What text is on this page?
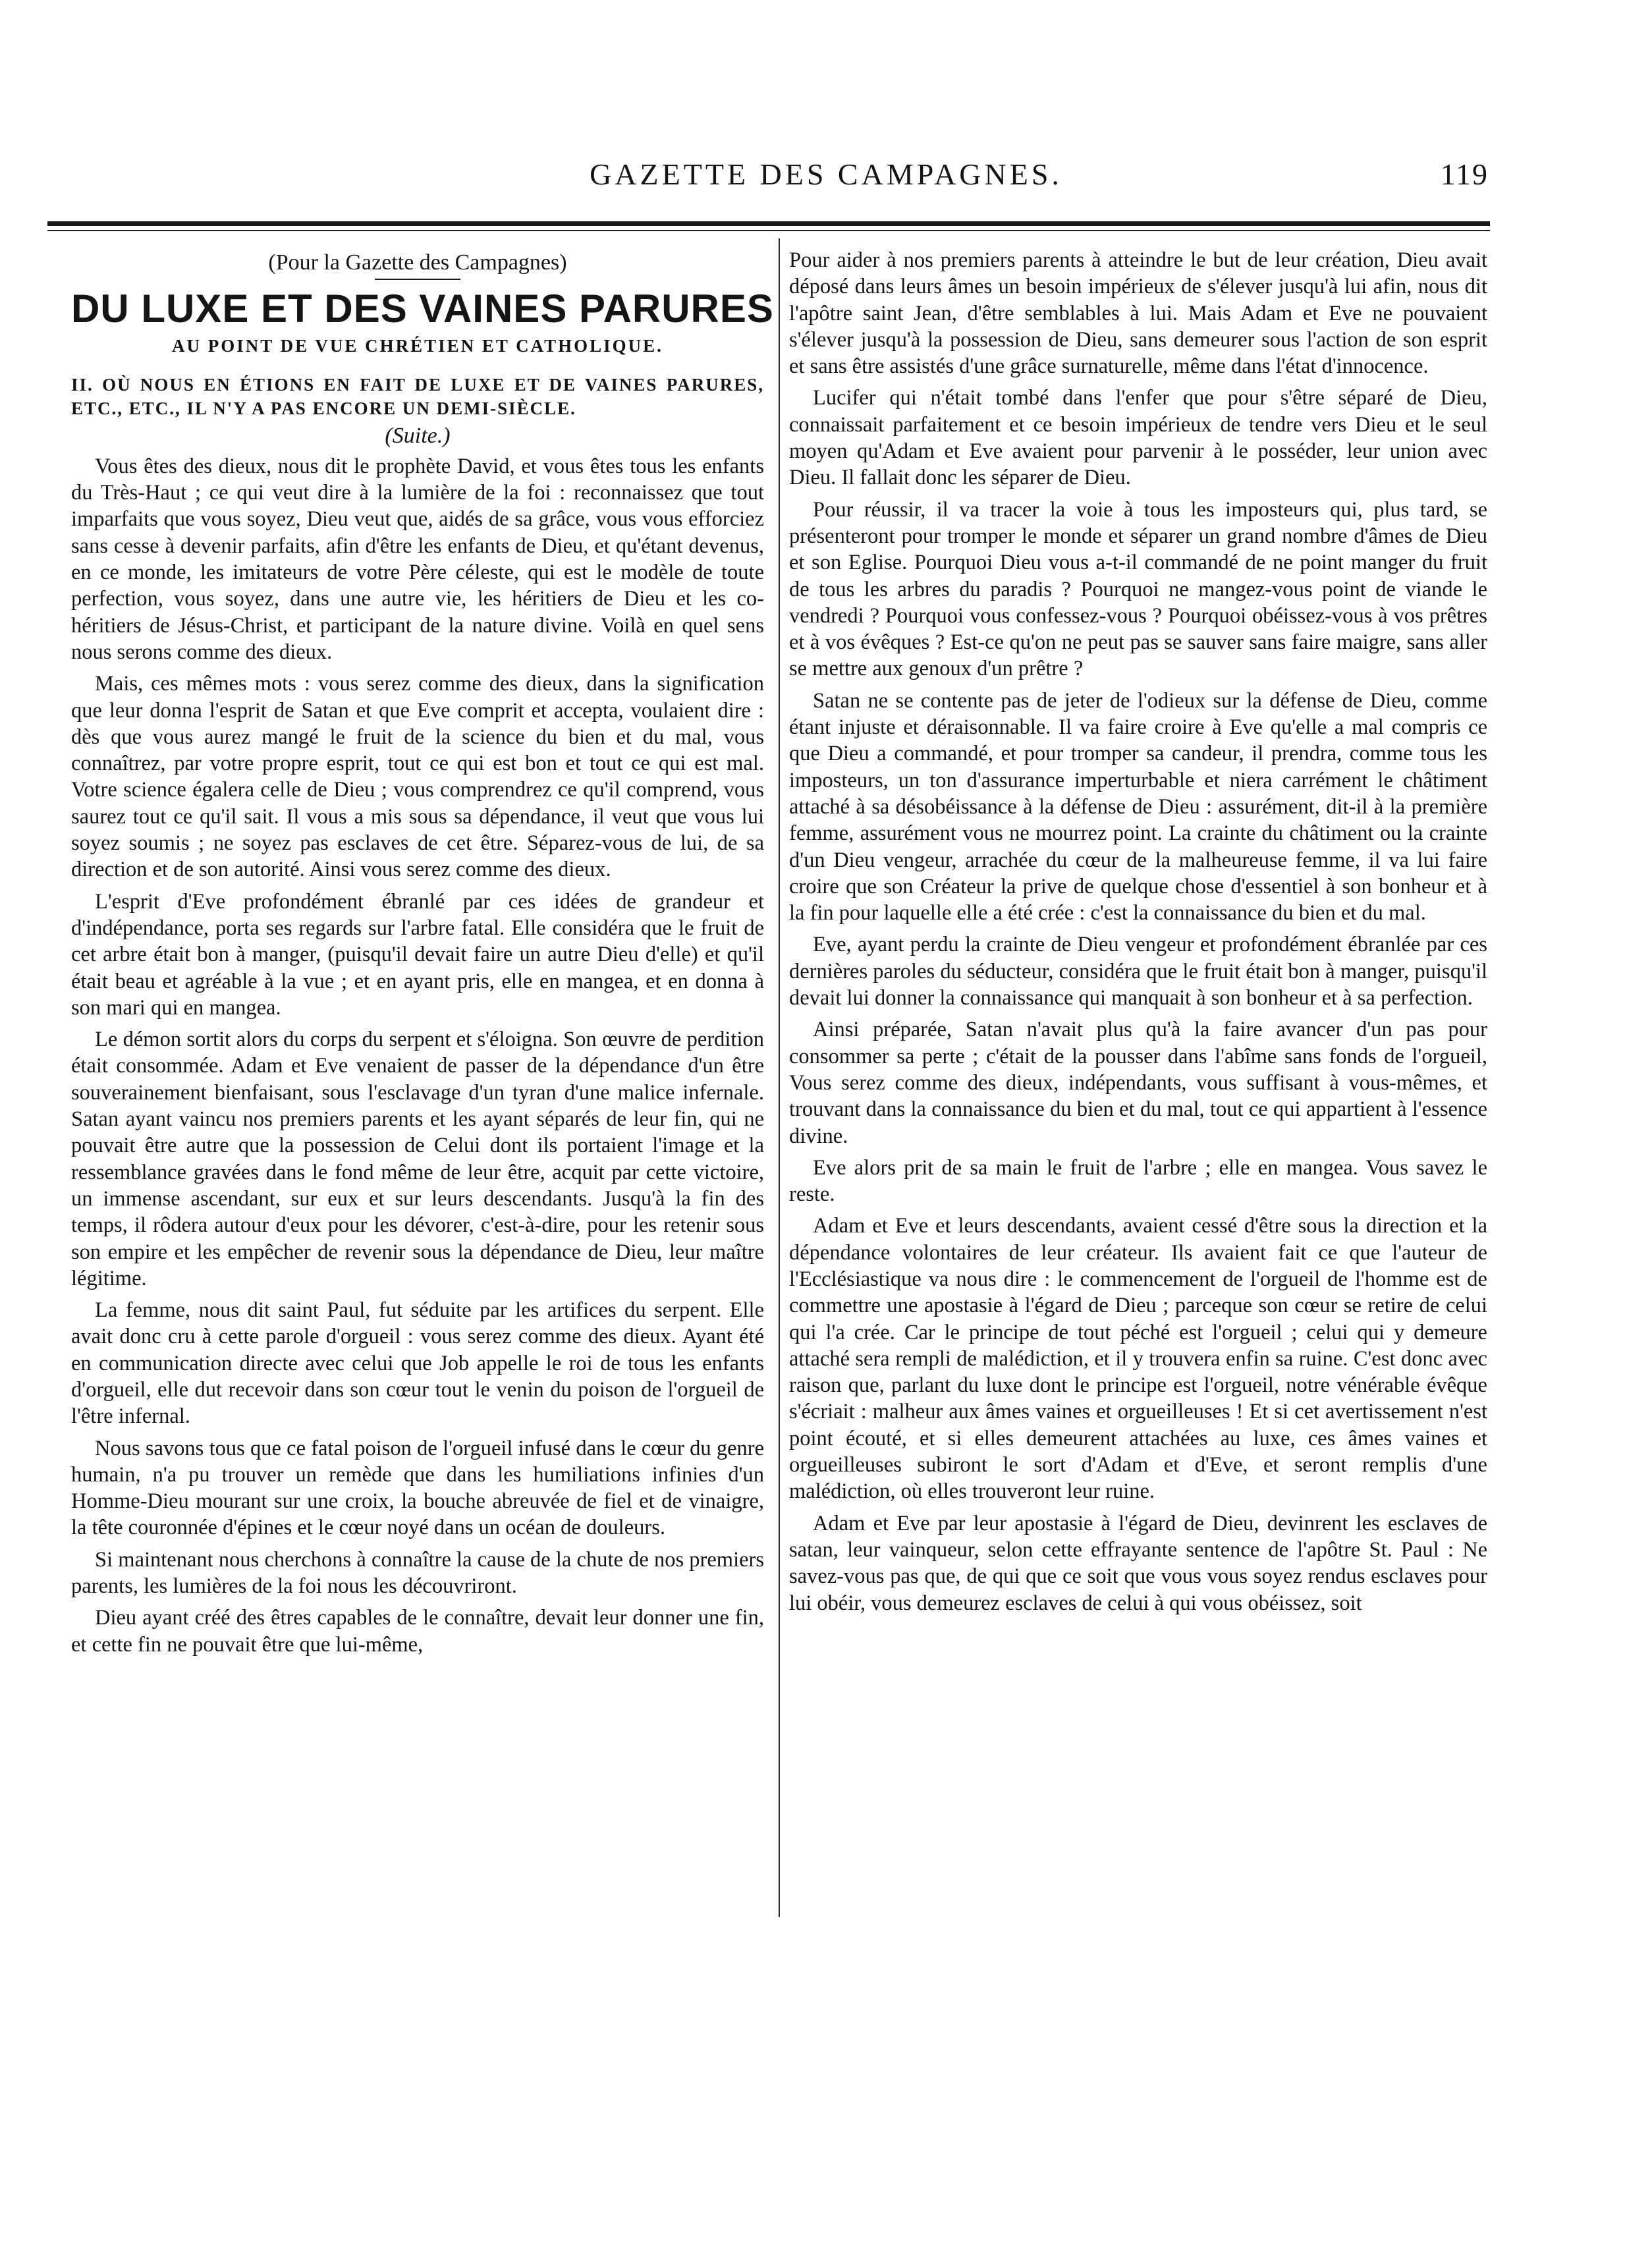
GAZETTE DES CAMPAGNES.	119
(Pour la Gazette des Campagnes)
DU LUXE ET DES VAINES PARURES
AU POINT DE VUE CHRÉTIEN ET CATHOLIQUE.
II. OÙ NOUS EN ÉTIONS EN FAIT DE LUXE ET DE VAINES PARURES, ETC., ETC., IL N'Y A PAS ENCORE UN DEMI-SIÈCLE.
(Suite.)

Vous êtes des dieux, nous dit le prophète David, et vous êtes tous les enfants du Très-Haut ; ce qui veut dire à la lumière de la foi : reconnaissez que tout imparfaits que vous soyez, Dieu veut que, aidés de sa grâce, vous vous efforciez sans cesse à devenir parfaits, afin d'être les enfants de Dieu, et qu'étant devenus, en ce monde, les imitateurs de votre Père céleste, qui est le modèle de toute perfection, vous soyez, dans une autre vie, les héritiers de Dieu et les co-héritiers de Jésus-Christ, et participant de la nature divine. Voilà en quel sens nous serons comme des dieux.

Mais, ces mêmes mots : vous serez comme des dieux, dans la signification que leur donna l'esprit de Satan et que Eve comprit et accepta, voulaient dire : dès que vous aurez mangé le fruit de la science du bien et du mal, vous connaîtrez, par votre propre esprit, tout ce qui est bon et tout ce qui est mal. Votre science égalera celle de Dieu ; vous comprendrez ce qu'il comprend, vous saurez tout ce qu'il sait. Il vous a mis sous sa dépendance, il veut que vous lui soyez soumis ; ne soyez pas esclaves de cet être. Séparez-vous de lui, de sa direction et de son autorité. Ainsi vous serez comme des dieux.

L'esprit d'Eve profondément ébranlé par ces idées de grandeur et d'indépendance, porta ses regards sur l'arbre fatal. Elle considéra que le fruit de cet arbre était bon à manger, (puisqu'il devait faire un autre Dieu d'elle) et qu'il était beau et agréable à la vue ; et en ayant pris, elle en mangea, et en donna à son mari qui en mangea.

Le démon sortit alors du corps du serpent et s'éloigna. Son œuvre de perdition était consommée. Adam et Eve venaient de passer de la dépendance d'un être souverainement bienfaisant, sous l'esclavage d'un tyran d'une malice infernale. Satan ayant vaincu nos premiers parents et les ayant séparés de leur fin, qui ne pouvait être autre que la possession de Celui dont ils portaient l'image et la ressemblance gravées dans le fond même de leur être, acquit par cette victoire, un immense ascendant, sur eux et sur leurs descendants. Jusqu'à la fin des temps, il rôdera autour d'eux pour les dévorer, c'est-à-dire, pour les retenir sous son empire et les empêcher de revenir sous la dépendance de Dieu, leur maître légitime.

La femme, nous dit saint Paul, fut séduite par les artifices du serpent. Elle avait donc cru à cette parole d'orgueil : vous serez comme des dieux. Ayant été en communication directe avec celui que Job appelle le roi de tous les enfants d'orgueil, elle dut recevoir dans son cœur tout le venin du poison de l'orgueil de l'être infernal.

Nous savons tous que ce fatal poison de l'orgueil infusé dans le cœur du genre humain, n'a pu trouver un remède que dans les humiliations infinies d'un Homme-Dieu mourant sur une croix, la bouche abreuvée de fiel et de vinaigre, la tête couronnée d'épines et le cœur noyé dans un océan de douleurs.

Si maintenant nous cherchons à connaître la cause de la chute de nos premiers parents, les lumières de la foi nous les découvriront.

Dieu ayant créé des êtres capables de le connaître, devait leur donner une fin, et cette fin ne pouvait être que lui-même,

Pour aider à nos premiers parents à atteindre le but de leur création, Dieu avait déposé dans leurs âmes un besoin impérieux de s'élever jusqu'à lui afin, nous dit l'apôtre saint Jean, d'être semblables à lui. Mais Adam et Eve ne pouvaient s'élever jusqu'à la possession de Dieu, sans demeurer sous l'action de son esprit et sans être assistés d'une grâce surnaturelle, même dans l'état d'innocence.

Lucifer qui n'était tombé dans l'enfer que pour s'être séparé de Dieu, connaissait parfaitement et ce besoin impérieux de tendre vers Dieu et le seul moyen qu'Adam et Eve avaient pour parvenir à le posséder, leur union avec Dieu. Il fallait donc les séparer de Dieu.

Pour réussir, il va tracer la voie à tous les imposteurs qui, plus tard, se présenteront pour tromper le monde et séparer un grand nombre d'âmes de Dieu et son Eglise. Pourquoi Dieu vous a-t-il commandé de ne point manger du fruit de tous les arbres du paradis ? Pourquoi ne mangez-vous point de viande le vendredi ? Pourquoi vous confessez-vous ? Pourquoi obéissez-vous à vos prêtres et à vos évêques ? Est-ce qu'on ne peut pas se sauver sans faire maigre, sans aller se mettre aux genoux d'un prêtre ?

Satan ne se contente pas de jeter de l'odieux sur la défense de Dieu, comme étant injuste et déraisonnable. Il va faire croire à Eve qu'elle a mal compris ce que Dieu a commandé, et pour tromper sa candeur, il prendra, comme tous les imposteurs, un ton d'assurance imperturbable et niera carrément le châtiment attaché à sa désobéissance à la défense de Dieu : assurément, dit-il à la première femme, assurément vous ne mourrez point. La crainte du châtiment ou la crainte d'un Dieu vengeur, arrachée du cœur de la malheureuse femme, il va lui faire croire que son Créateur la prive de quelque chose d'essentiel à son bonheur et à la fin pour laquelle elle a été crée : c'est la connaissance du bien et du mal.

Eve, ayant perdu la crainte de Dieu vengeur et profondément ébranlée par ces dernières paroles du séducteur, considéra que le fruit était bon à manger, puisqu'il devait lui donner la connaissance qui manquait à son bonheur et à sa perfection.

Ainsi préparée, Satan n'avait plus qu'à la faire avancer d'un pas pour consommer sa perte ; c'était de la pousser dans l'abîme sans fonds de l'orgueil, Vous serez comme des dieux, indépendants, vous suffisant à vous-mêmes, et trouvant dans la connaissance du bien et du mal, tout ce qui appartient à l'essence divine.

Eve alors prit de sa main le fruit de l'arbre ; elle en mangea. Vous savez le reste.

Adam et Eve et leurs descendants, avaient cessé d'être sous la direction et la dépendance volontaires de leur créateur. Ils avaient fait ce que l'auteur de l'Ecclésiastique va nous dire : le commencement de l'orgueil de l'homme est de commettre une apostasie à l'égard de Dieu ; parceque son cœur se retire de celui qui l'a crée. Car le principe de tout péché est l'orgueil ; celui qui y demeure attaché sera rempli de malédiction, et il y trouvera enfin sa ruine. C'est donc avec raison que, parlant du luxe dont le principe est l'orgueil, notre vénérable évêque s'écriait : malheur aux âmes vaines et orgueilleuses ! Et si cet avertissement n'est point écouté, et si elles demeurent attachées au luxe, ces âmes vaines et orgueilleuses subiront le sort d'Adam et d'Eve, et seront remplis d'une malédiction, où elles trouveront leur ruine.

Adam et Eve par leur apostasie à l'égard de Dieu, devinrent les esclaves de satan, leur vainqueur, selon cette effrayante sentence de l'apôtre St. Paul : Ne savez-vous pas que, de qui que ce soit que vous vous soyez rendus esclaves pour lui obéir, vous demeurez esclaves de celui à qui vous obéissez, soit
